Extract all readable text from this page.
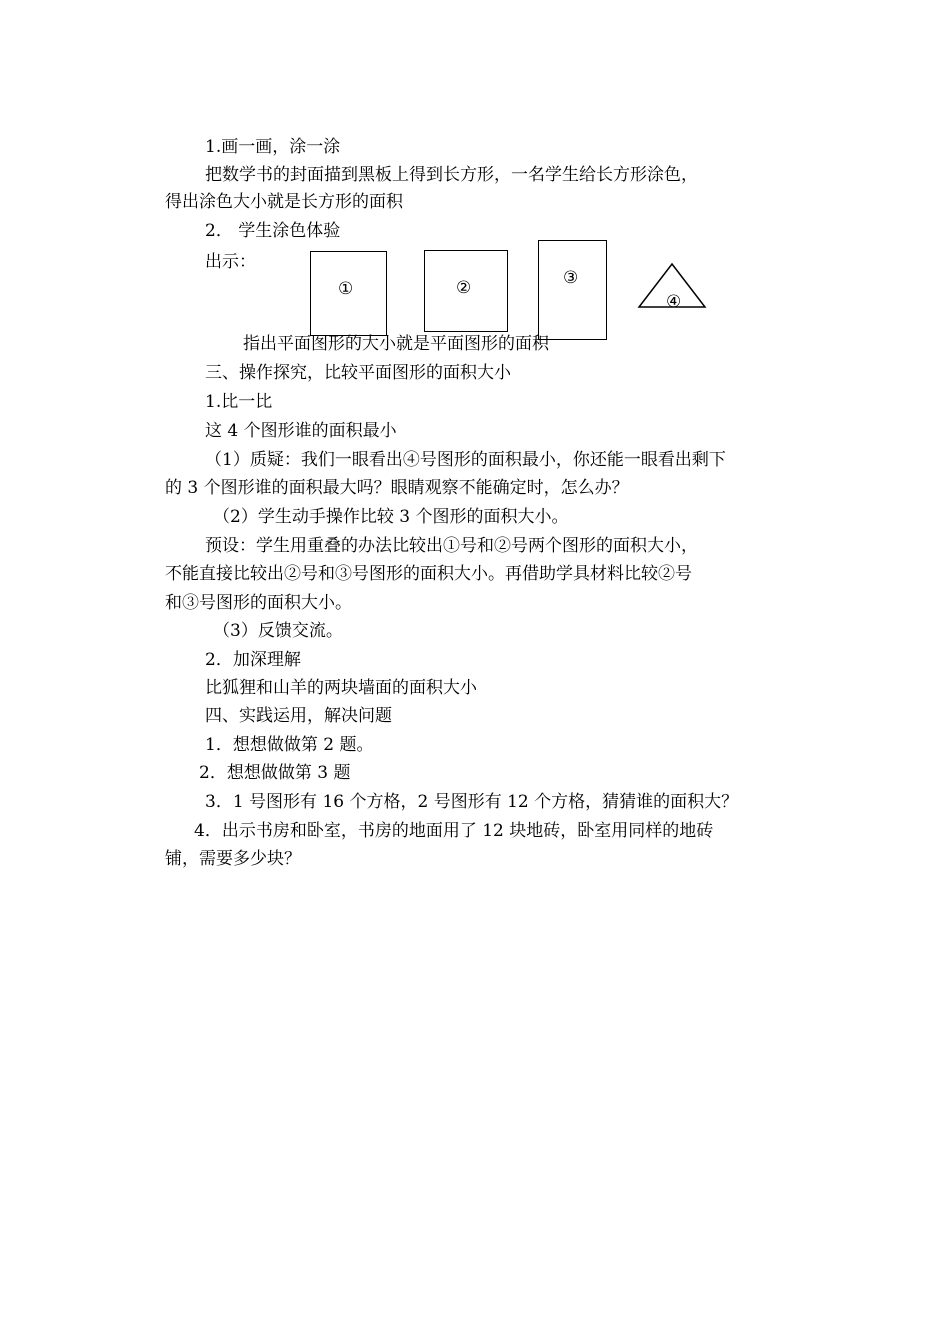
1.画一画，涂一涂
把数学书的封面描到黑板上得到长方形，一名学生给长方形涂色，
得出涂色大小就是长方形的面积
2． 学生涂色体验
出示：
①	②	③
④
指出平面图形的大小就是平面图形的面积
三、操作探究，比较平面图形的面积大小
1.比一比
这 4 个图形谁的面积最小
（1）质疑：我们一眼看出④号图形的面积最小，你还能一眼看出剩下
的 3 个图形谁的面积最大吗？眼睛观察不能确定时，怎么办？
（2）学生动手操作比较 3 个图形的面积大小。
预设：学生用重叠的办法比较出①号和②号两个图形的面积大小，
不能直接比较出②号和③号图形的面积大小。再借助学具材料比较②号
和③号图形的面积大小。
（3）反馈交流。
2．加深理解
比狐狸和山羊的两块墙面的面积大小
四、实践运用，解决问题
1．想想做做第 2 题。
2．想想做做第 3 题
3．1 号图形有 16 个方格，2 号图形有 12 个方格，猜猜谁的面积大？
4．出示书房和卧室，书房的地面用了 12 块地砖，卧室用同样的地砖
铺，需要多少块？
